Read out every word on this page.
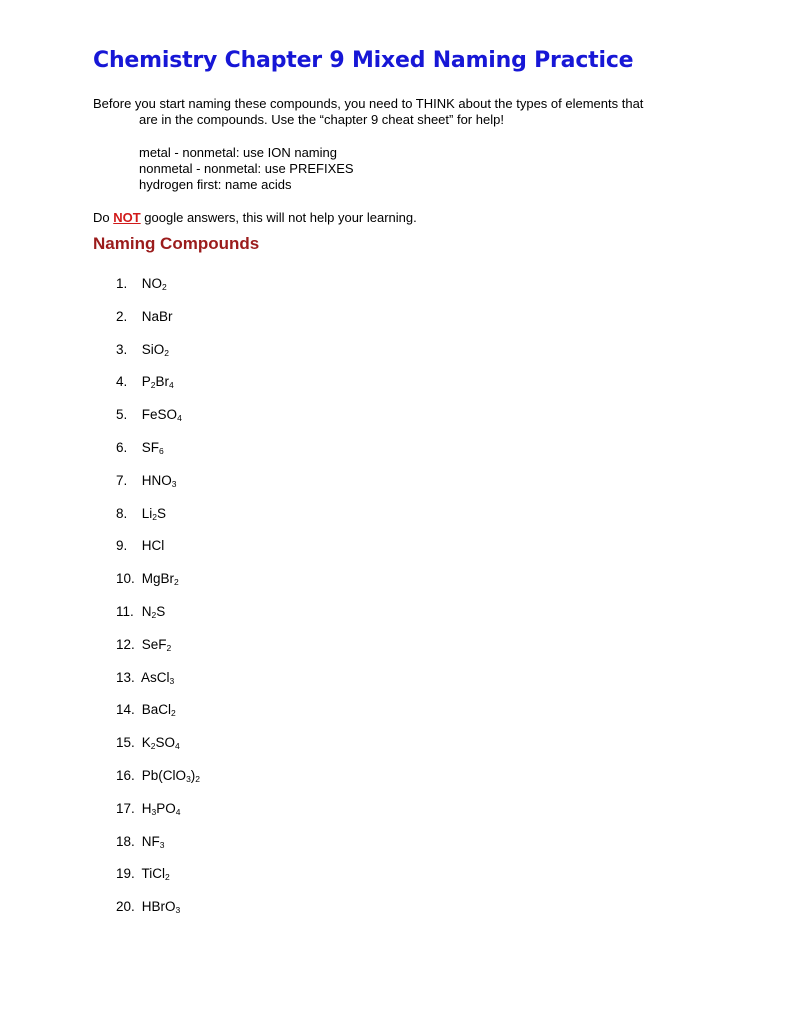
Chemistry Chapter 9 Mixed Naming Practice
Before you start naming these compounds, you need to THINK about the types of elements that
are in the compounds. Use the “chapter 9 cheat sheet” for help!
metal - nonmetal: use ION naming
nonmetal - nonmetal: use PREFIXES
hydrogen first: name acids
Do NOT google answers, this will not help your learning.
Naming Compounds
1. $NO_2$
2. NaBr
3. SiO$_2$
4. $P_2Br_4$
5. FeSO$_4$
6. $SF_6$
7. $HNO_3$
8. $Li_2S$
9. HCl
10. MgBr$_2$
11. $N_2S$
12. SeF$_2$
13. AsCl$_3$
14. BaCl$_2$
15. $K_2SO_4$
16. $Pb(ClO_3)_2$
17. $H_3PO_4$
18. $NF_3$
19. TiCl$_2$
20. HBrO$_3$
